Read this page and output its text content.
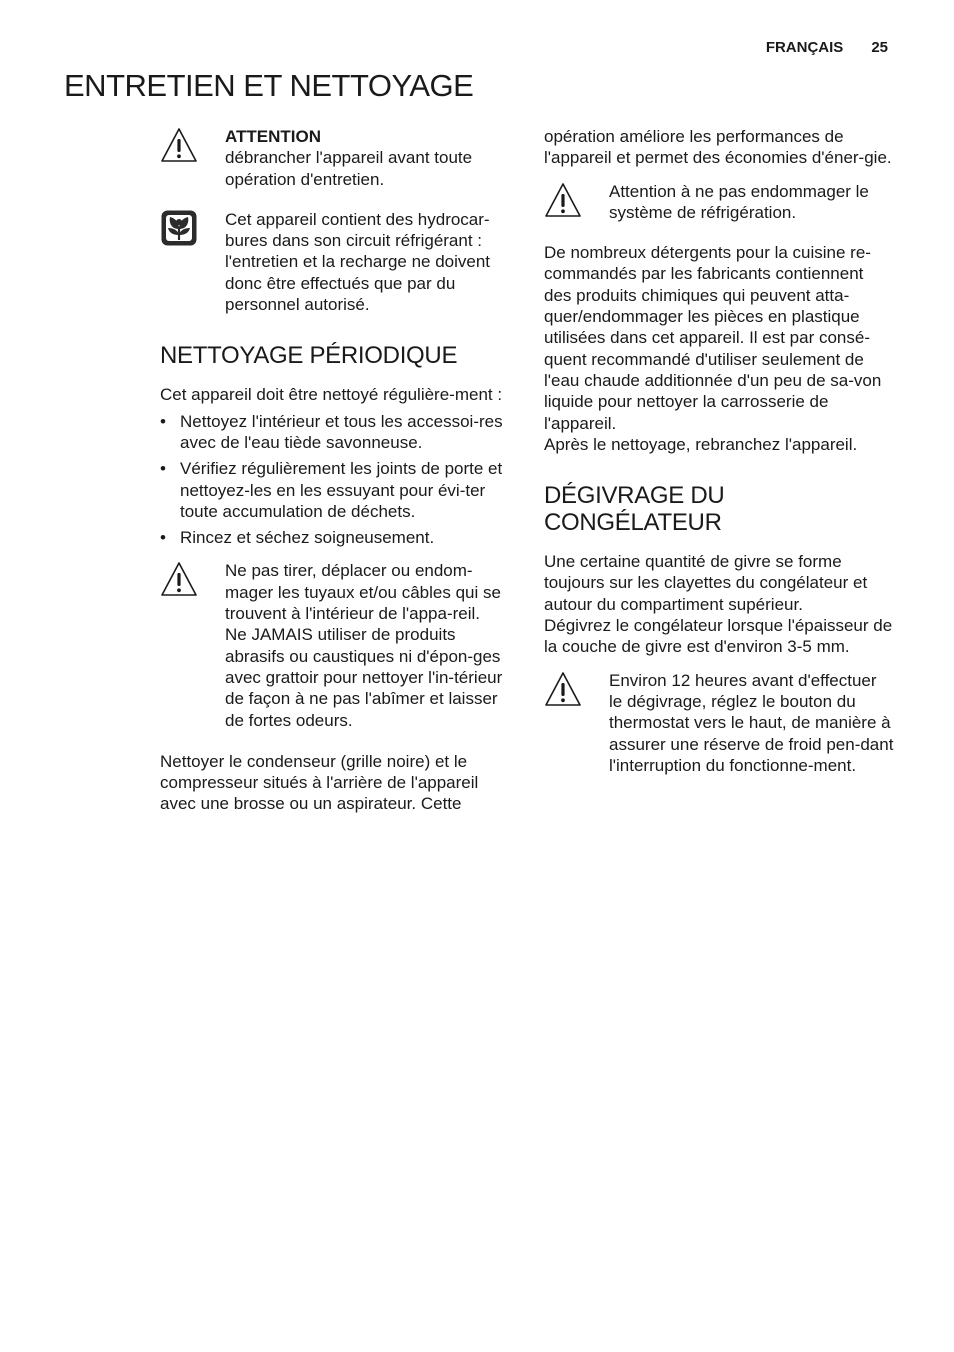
FRANÇAIS 25
ENTRETIEN ET NETTOYAGE

ATTENTION

débrancher l'appareil avant toute opération d'entretien.

Cet appareil contient des hydrocar-bures dans son circuit réfrigérant : l'entretien et la recharge ne doivent donc être effectués que par du personnel autorisé.

NETTOYAGE PÉRIODIQUE

Cet appareil doit être nettoyé régulière-ment :

• Nettoyez l'intérieur et tous les accessoi-res avec de l'eau tiède savonneuse.
• Vérifiez régulièrement les joints de porte et nettoyez-les en les essuyant pour évi-ter toute accumulation de déchets.
• Rincez et séchez soigneusement.

Ne pas tirer, déplacer ou endom-mager les tuyaux et/ou câbles qui se trouvent à l'intérieur de l'appa-reil.

Ne JAMAIS utiliser de produits abrasifs ou caustiques ni d'épon-ges avec grattoir pour nettoyer l'in-térieur de façon à ne pas l'abîmer et laisser de fortes odeurs.

Nettoyer le condenseur (grille noire) et le compresseur situés à l'arrière de l'appareil avec une brosse ou un aspirateur. Cette

opération améliore les performances de l'appareil et permet des économies d'éner-gie.

Attention à ne pas endommager le système de réfrigération.

De nombreux détergents pour la cuisine re-commandés par les fabricants contiennent des produits chimiques qui peuvent atta-quer/endommager les pièces en plastique utilisées dans cet appareil. Il est par consé-quent recommandé d'utiliser seulement de l'eau chaude additionnée d'un peu de sa-von liquide pour nettoyer la carrosserie de l'appareil.

Après le nettoyage, rebranchez l'appareil.

DÉGIVRAGE DU
CONGÉLATEUR

Une certaine quantité de givre se forme toujours sur les clayettes du congélateur et autour du compartiment supérieur.

Dégivrez le congélateur lorsque l'épaisseur de la couche de givre est d'environ 3-5 mm.

Environ 12 heures avant d'effectuer le dégivrage, réglez le bouton du thermostat vers le haut, de manière à assurer une réserve de froid pen-dant l'interruption du fonctionne-ment.
